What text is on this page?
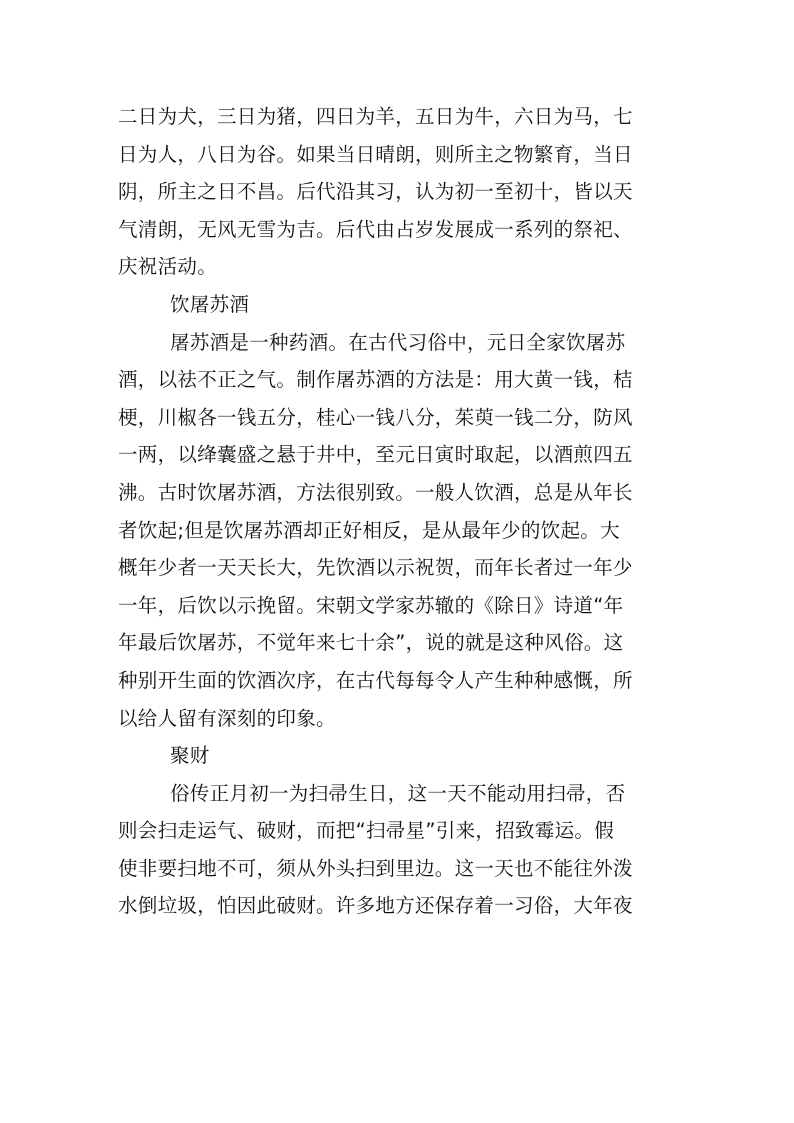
二日为犬，三日为猪，四日为羊，五日为牛，六日为马，七
日为人，八日为谷。如果当日晴朗，则所主之物繁育，当日
阴，所主之日不昌。后代沿其习，认为初一至初十，皆以天
气清朗，无风无雪为吉。后代由占岁发展成一系列的祭祀、
庆祝活动。
饮屠苏酒
屠苏酒是一种药酒。在古代习俗中，元日全家饮屠苏
酒，以祛不正之气。制作屠苏酒的方法是：用大黄一钱，桔
梗，川椒各一钱五分，桂心一钱八分，茱萸一钱二分，防风
一两，以绛囊盛之悬于井中，至元日寅时取起，以酒煎四五
沸。古时饮屠苏酒，方法很别致。一般人饮酒，总是从年长
者饮起;但是饮屠苏酒却正好相反，是从最年少的饮起。大
概年少者一天天长大，先饮酒以示祝贺，而年长者过一年少
一年，后饮以示挽留。宋朝文学家苏辙的《除日》诗道“年
年最后饮屠苏，不觉年来七十余”，说的就是这种风俗。这
种别开生面的饮酒次序，在古代每每令人产生种种感慨，所
以给人留有深刻的印象。
聚财
俗传正月初一为扫帚生日，这一天不能动用扫帚，否
则会扫走运气、破财，而把“扫帚星”引来，招致霉运。假
使非要扫地不可，须从外头扫到里边。这一天也不能往外泼
水倒垃圾，怕因此破财。许多地方还保存着一习俗，大年夜
